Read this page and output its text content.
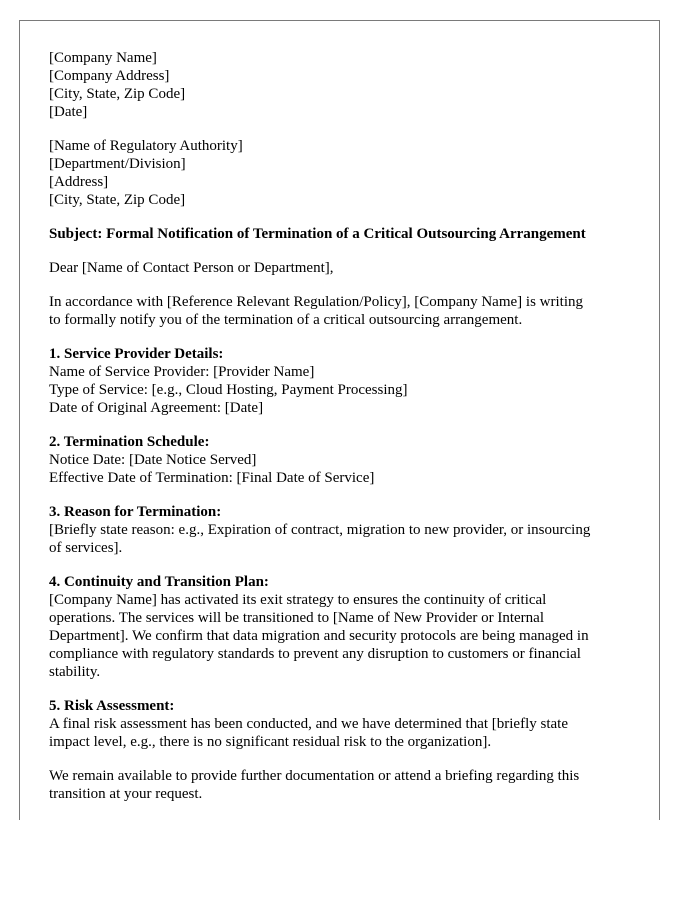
[Company Name]
[Company Address]
[City, State, Zip Code]
[Date]
[Name of Regulatory Authority]
[Department/Division]
[Address]
[City, State, Zip Code]
Subject: Formal Notification of Termination of a Critical Outsourcing Arrangement
Dear [Name of Contact Person or Department],
In accordance with [Reference Relevant Regulation/Policy], [Company Name] is writing
to formally notify you of the termination of a critical outsourcing arrangement.
1. Service Provider Details:
Name of Service Provider: [Provider Name]
Type of Service: [e.g., Cloud Hosting, Payment Processing]
Date of Original Agreement: [Date]
2. Termination Schedule:
Notice Date: [Date Notice Served]
Effective Date of Termination: [Final Date of Service]
3. Reason for Termination:
[Briefly state reason: e.g., Expiration of contract, migration to new provider, or insourcing
of services].
4. Continuity and Transition Plan:
[Company Name] has activated its exit strategy to ensures the continuity of critical
operations. The services will be transitioned to [Name of New Provider or Internal
Department]. We confirm that data migration and security protocols are being managed in
compliance with regulatory standards to prevent any disruption to customers or financial
stability.
5. Risk Assessment:
A final risk assessment has been conducted, and we have determined that [briefly state
impact level, e.g., there is no significant residual risk to the organization].
We remain available to provide further documentation or attend a briefing regarding this
transition at your request.
